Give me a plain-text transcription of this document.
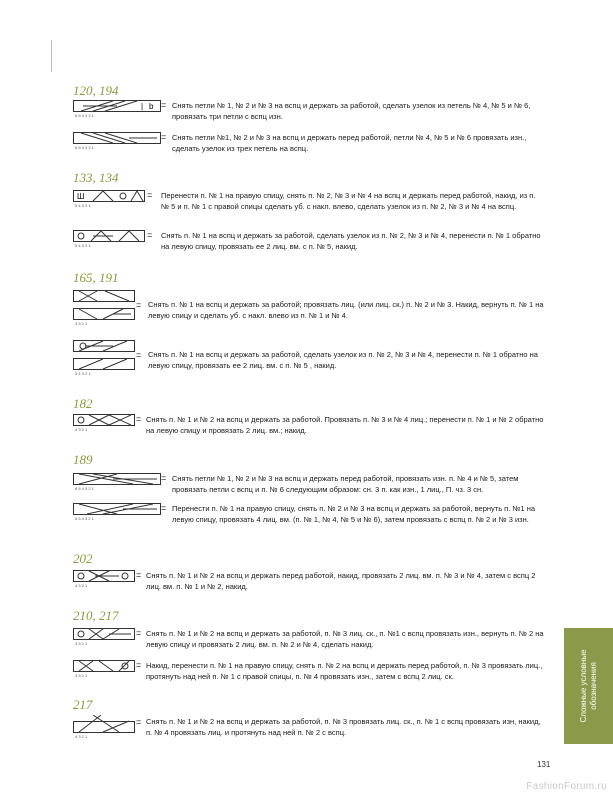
120, 194
| b
6 5 4 3 2 1
= Снять петли № 1, № 2 и № 3 на вспц и держать за работой, сделать узелок из петель № 4, № 5 и № 6, провязать три петли с вспц изн.
6 5 4 3 2 1
= Снять петли №1, № 2 и № 3 на вспц и держать перед работой, петли № 4, № 5 и № 6 провязать изн., сделать узелок из трех петель на вспц.
133, 134
Ш
5 4 3 2 1
= Перенести п. № 1 на правую спицу, снять п. № 2, № 3 и № 4 на вспц и держать перед работой, накид, из п. № 5 и п. № 1 с правой спицы сделать уб. с накл. влево, сделать узелок из п. № 2, № 3 и № 4 на вспц.
5 4 3 2 1
= Снять п. № 1 на вспц и держать за работой, сделать узелок из п. № 2, № 3 и № 4, перенести п. № 1 обратно на левую спицу, провязать ее 2 лиц. вм. с п. № 5, накид.
165, 191
4 3 2 1
= Снять п. № 1 на вспц и держать за работой; провязать лиц. (или лиц. ск.) п. № 2 и № 3. Накид, вернуть п. № 1 на левую спицу и сделать уб. с накл. влево из п. № 1 и № 4.
5 4 3 2 1
= Снять п. № 1 на вспц и держать за работой, сделать узелок из п. № 2, № 3 и № 4, перенести п. № 1 обратно на левую спицу, провязать ее 2 лиц. вм. с п. № 5 , накид.
182
4 3 2 1
= Снять п. № 1 и № 2 на вспц и держать за работой. Провязать п. № 3 и № 4 лиц.; перенести п. № 1 и № 2 обратно на левую спицу и провязать 2 лиц. вм.; накид.
189
6 5 4 3 2 1
= Снять петли № 1, № 2 и № 3 на вспц и держать перед работой, провязать изн. п. № 4 и № 5, затем провязать петли с вспц и п. № 6 следующим образом: сн. 3 п. как изн., 1 лиц., П. чз. 3 сн.
6 5 4 3 2 1
= Перенести п. № 1 на правую спицу, снять п. № 2 и № 3 на вспц и держать за работой, вернуть п. №1 на левую спицу, провязать 4 лиц. вм. (п. № 1, № 4, № 5 и № 6), затем провязать с вспц п. № 2 и № 3 изн.
202
4 3 2 1
= Снять п. № 1 и № 2 на вспц и держать перед работой, накид, провязать 2 лиц. вм. п. № 3 и № 4, затем с вспц 2 лиц. вм. п. № 1 и № 2, накид.
210, 217
4 3 2 1
= Снять п. № 1 и № 2 на вспц и держать за работой, п. № 3 лиц. ск., п. №1 с вспц провязать изн., вернуть п. № 2 на левую спицу и провязать 2 лиц. вм. п. № 2 и № 4, сделать накид.
4 3 2 1
= Накид, перенести п. № 1 на правую спицу, снять п. № 2 на вспц и держать перед работой, п. № 3 провязать лиц., протянуть над ней п. № 1 с правой спицы, п. № 4 провязать изн., затем с вспц 2 лиц. ск.
217
4 3 2 1
= Снять п. № 1 и № 2 на вспц и держать за работой, п. № 3 провязать лиц. ск., п. № 1 с вспц провязать изн, накид, п. № 4 провязать лиц. и протянуть над ней п. № 2 с вспц.
Сложные условные обозначения
131
FashionForum.ru
